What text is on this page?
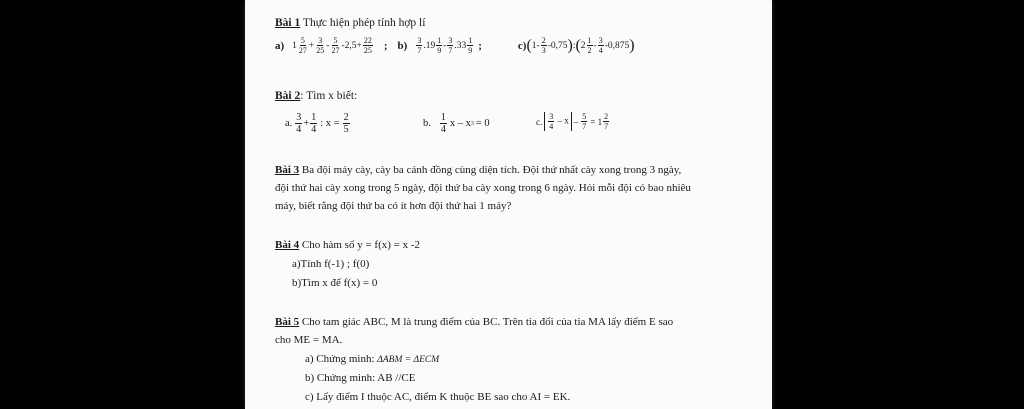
Bài 1 Thực hiện phép tính hợp lí
a) $1 \frac{5}{27} + \frac{3}{25} - \frac{5}{27} -2,5+ \frac{22}{25}$ ; $b) \frac{3}{7} .19 \frac{1}{9} - \frac{3}{7} .33 \frac{1}{9}$ ;	c) ( $1- \frac{2}{3} -0,75$ ) : ( $2 \frac{1}{2} - \frac{3}{4} -0,875$ )
Bài 2: Tìm x biết:
a. $\frac{3}{4} + \frac{1}{4}$ : $x = \frac{2}{5}$	b. $\frac{1}{4}$ x – x 3 = 0	c. $\frac{3}{4} - x - \frac{5}{7} = 1 \frac{2}{7}$
Bài 3 Ba đội máy cày, cày ba cánh đồng cùng diện tích. Đội thứ nhất cày xong trong 3 ngày,
đội thứ hai cày xong trong 5 ngày, đội thứ ba cày xong trong 6 ngày. Hỏi mỗi đội có bao nhiêu
máy, biết rằng đội thứ ba có ít hơn đội thứ hai 1 máy?
Bài 4 Cho hàm số y = f(x) = x -2
a)Tính f(-1) ; f(0)
b)Tìm x để f(x) = 0
Bài 5 Cho tam giác ABC, M là trung điểm của BC. Trên tia đối của tia MA lấy điểm E sao
cho ME = MA.
a) Chứng minh: ΔABM = ΔECM
b) Chứng minh: AB //CE
c) Lấy điểm I thuộc AC, điểm K thuộc BE sao cho AI = EK.
